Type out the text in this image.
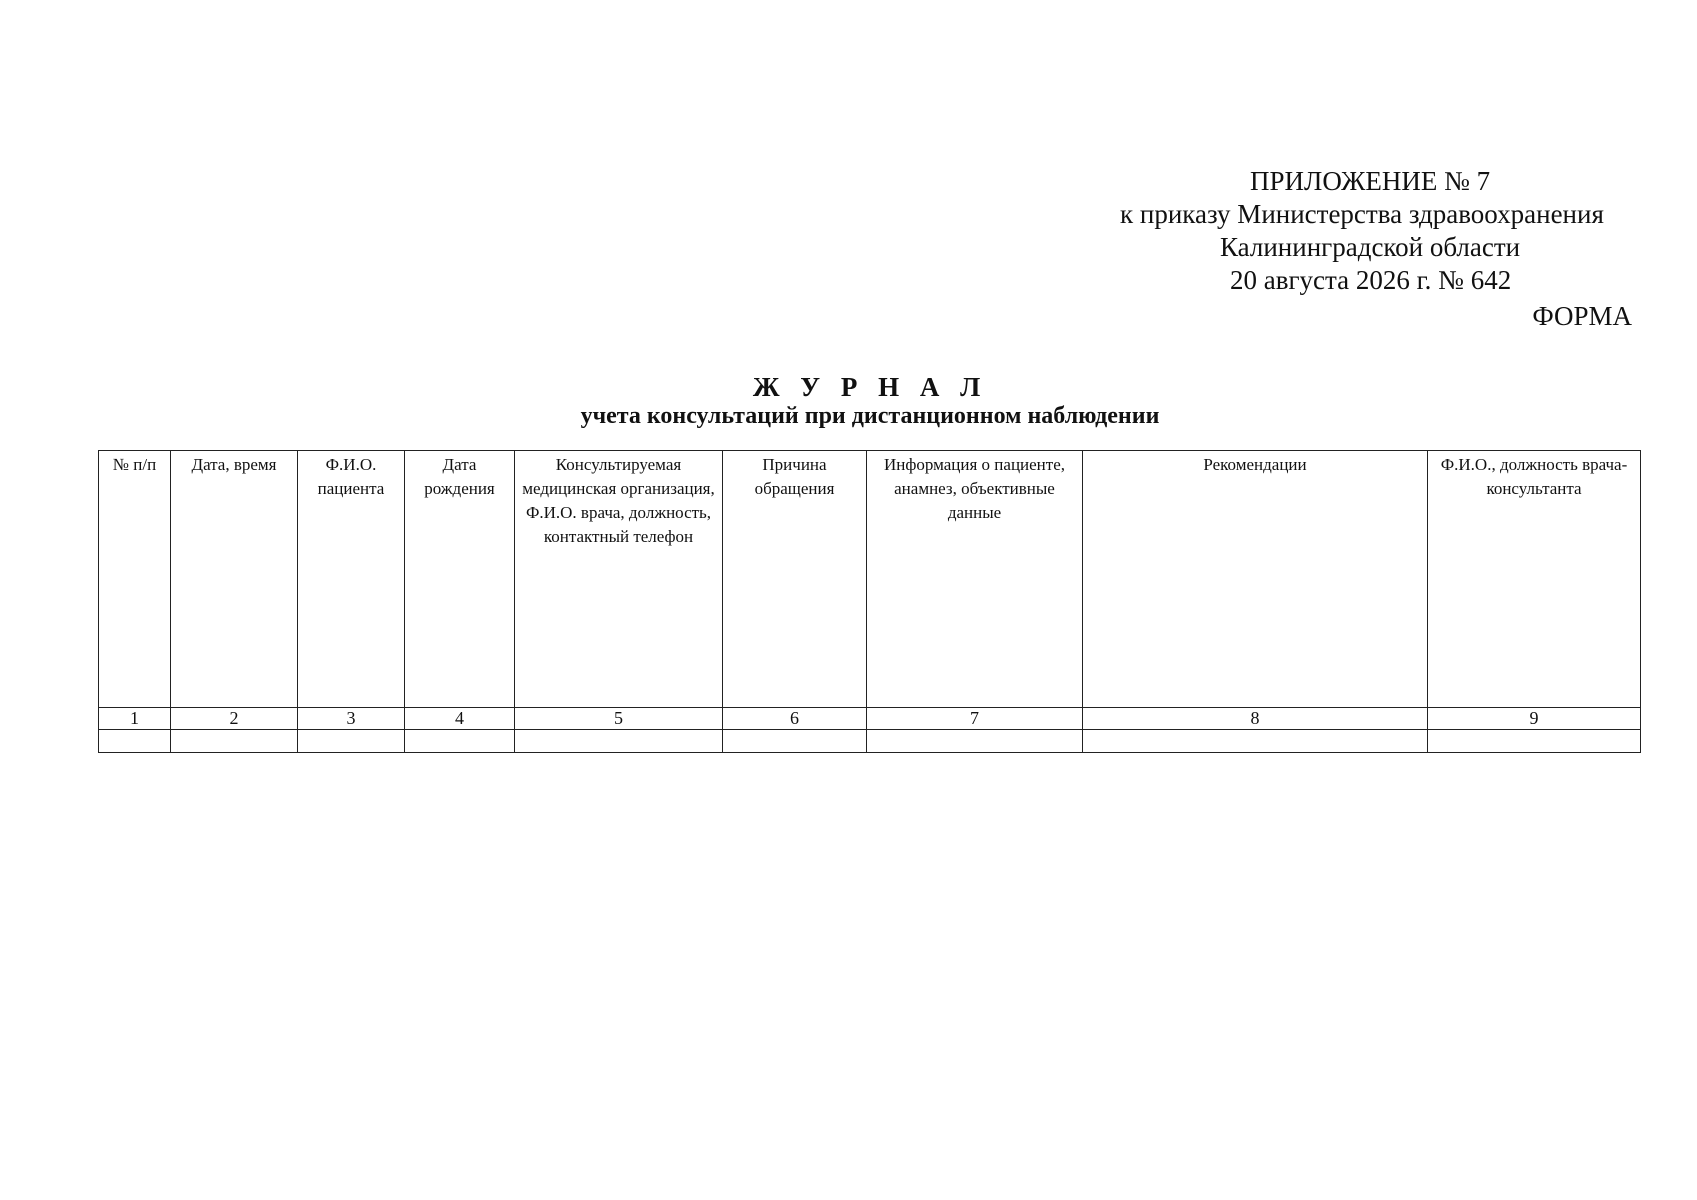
ПРИЛОЖЕНИЕ № 7
к приказу Министерства здравоохранения
Калининградской области
20 августа 2026 г. № 642
ФОРМА
Ж У Р Н А Л
учета консультаций при дистанционном наблюдении
№ п/п	Дата, время	Ф.И.О. пациента	Дата рождения	Консультируемая медицинская организация, Ф.И.О. врача, должность, контактный телефон	Причина обращения	Информация о пациенте, анамнез, объективные данные	Рекомендации	Ф.И.О., должность врача-консультанта
1	2	3	4	5	6	7	8	9
